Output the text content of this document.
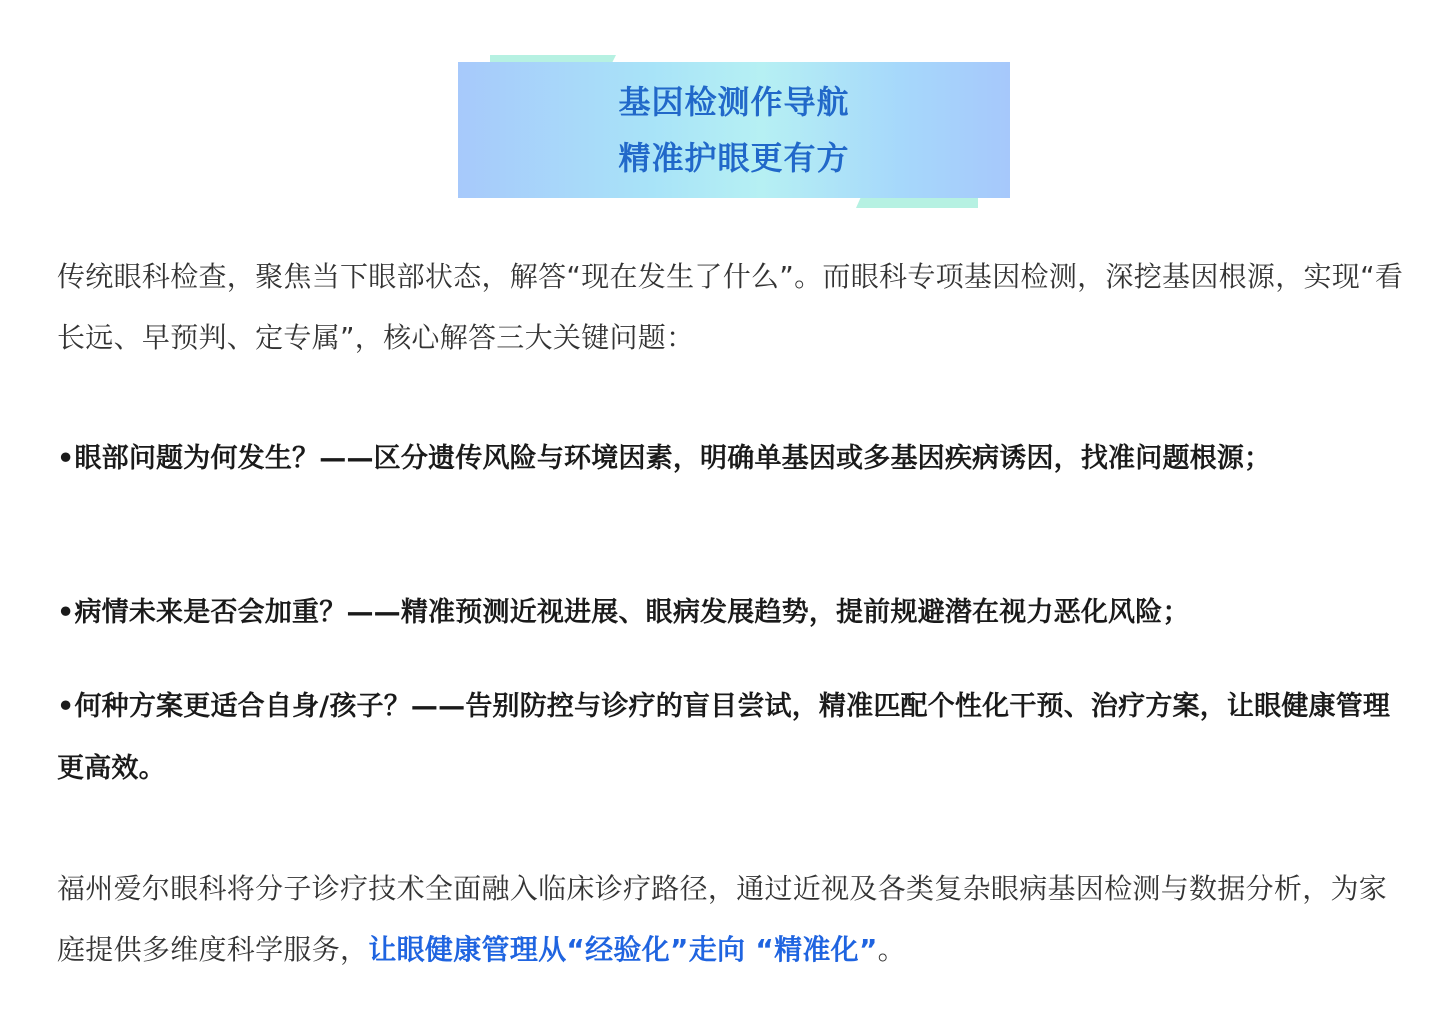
基因检测作导航
精准护眼更有方

传统眼科检查，聚焦当下眼部状态，解答“现在发生了什么”。而眼科专项基因检测，深挖基因根源，实现“看长远、早预判、定专属”，核心解答三大关键问题：

•眼部问题为何发生？——区分遗传风险与环境因素，明确单基因或多基因疾病诱因，找准问题根源；

•病情未来是否会加重？——精准预测近视进展、眼病发展趋势，提前规避潜在视力恶化风险；

•何种方案更适合自身/孩子？——告别防控与诊疗的盲目尝试，精准匹配个性化干预、治疗方案，让眼健康管理更高效。

福州爱尔眼科将分子诊疗技术全面融入临床诊疗路径，通过近视及各类复杂眼病基因检测与数据分析，为家庭提供多维度科学服务，让眼健康管理从“经验化”走向 “精准化”。
